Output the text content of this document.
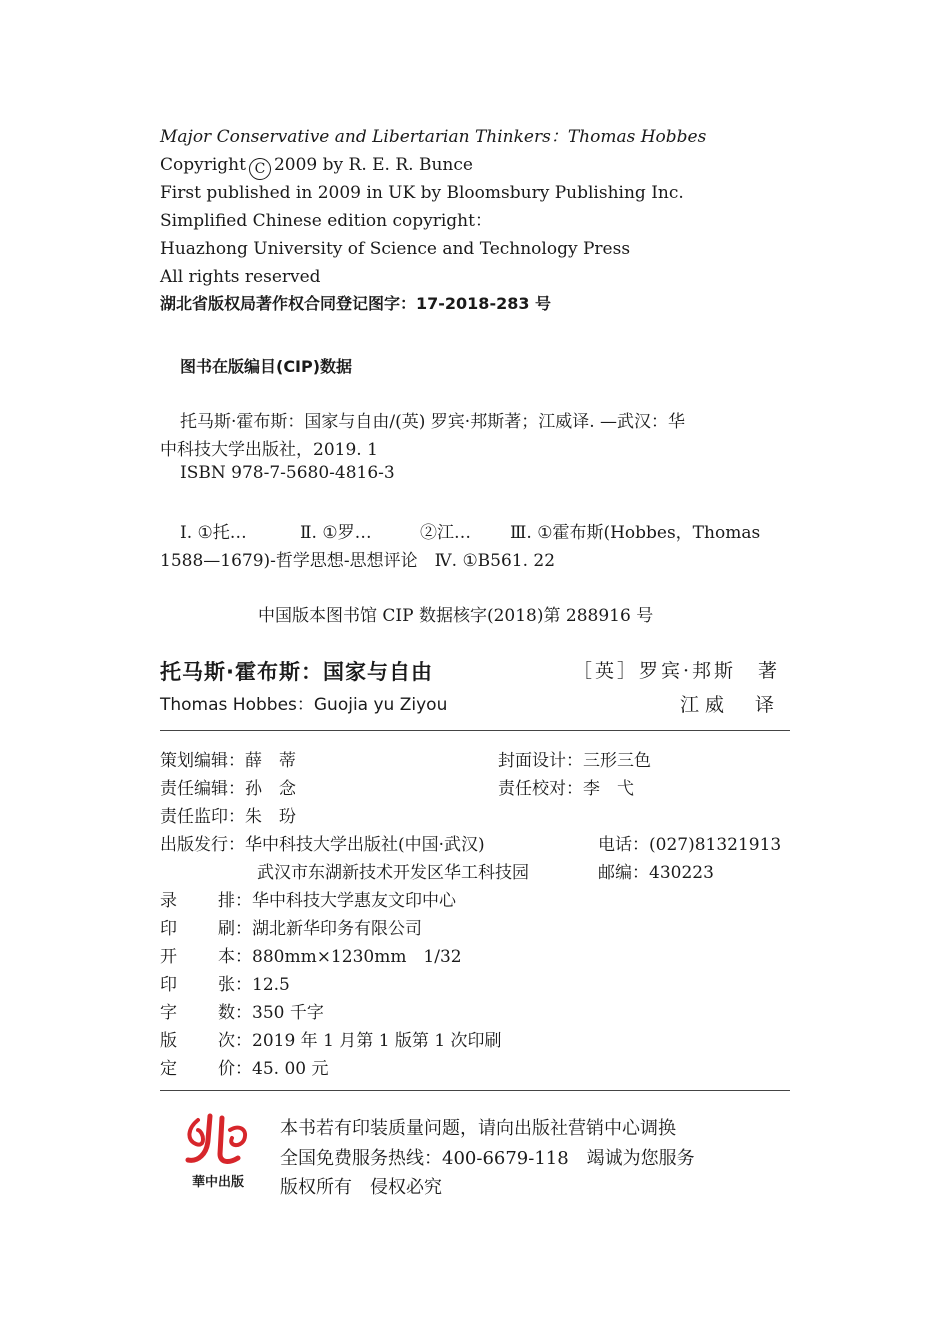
Major Conservative and Libertarian Thinkers：Thomas Hobbes
Copyright C 2009 by R. E. R. Bunce
First published in 2009 in UK by Bloomsbury Publishing Inc.
Simplified Chinese edition copyright：
Huazhong University of Science and Technology Press
All rights reserved
湖北省版权局著作权合同登记图字：17-2018-283 号
图书在版编目(CIP)数据
托马斯·霍布斯：国家与自由/(英) 罗宾·邦斯著；江威译. —武汉：华
中科技大学出版社，2019. 1
ISBN 978-7-5680-4816-3
Ⅰ. ①托…	Ⅱ. ①罗…	②江… Ⅲ. ①霍布斯(Hobbes，Thomas
1588—1679)-哲学思想-思想评论　Ⅳ. ①B561. 22
中国版本图书馆 CIP 数据核字(2018)第 288916 号
托马斯·霍布斯：国家与自由
Thomas Hobbes：Guojia yu Ziyou
［英］罗宾·邦斯　著
江威　译
策划编辑：薛　蒂	封面设计：三形三色
责任编辑：孙　念	责任校对：李　弋
责任监印：朱　玢
出版发行：华中科技大学出版社(中国·武汉)	电话：(027)81321913
武汉市东湖新技术开发区华工科技园	邮编：430223
录 排：华中科技大学惠友文印中心
印 刷：湖北新华印务有限公司
开 本：880mm×1230mm　1/32
印 张：12.5
字 数：350 千字
版 次：2019 年 1 月第 1 版第 1 次印刷
定 价：45. 00 元
華中出版
本书若有印装质量问题，请向出版社营销中心调换
全国免费服务热线：400-6679-118　竭诚为您服务
版权所有　侵权必究
